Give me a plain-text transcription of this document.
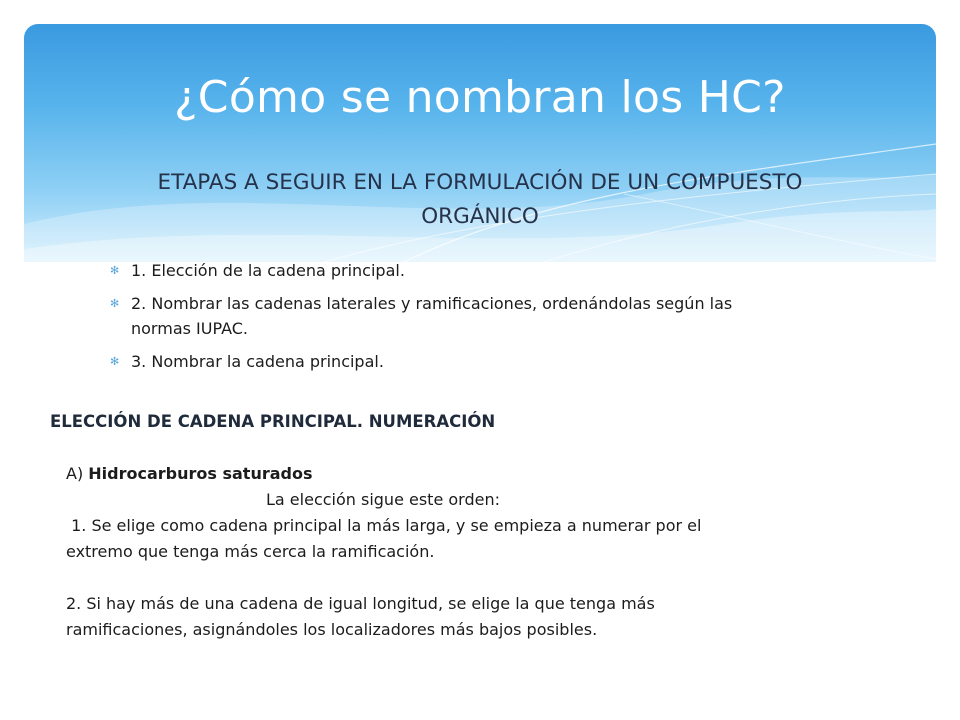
¿Cómo se nombran los HC?
ETAPAS A SEGUIR EN LA FORMULACIÓN DE UN COMPUESTO
ORGÁNICO
✻ 1. Elección de la cadena principal.
✻ 2. Nombrar las cadenas laterales y ramificaciones, ordenándolas según las
normas IUPAC.
✻ 3. Nombrar la cadena principal.
ELECCIÓN DE CADENA PRINCIPAL. NUMERACIÓN
A) Hidrocarburos saturados
La elección sigue este orden:
1. Se elige como cadena principal la más larga, y se empieza a numerar por el
extremo que tenga más cerca la ramificación.

2. Si hay más de una cadena de igual longitud, se elige la que tenga más
ramificaciones, asignándoles los localizadores más bajos posibles.
